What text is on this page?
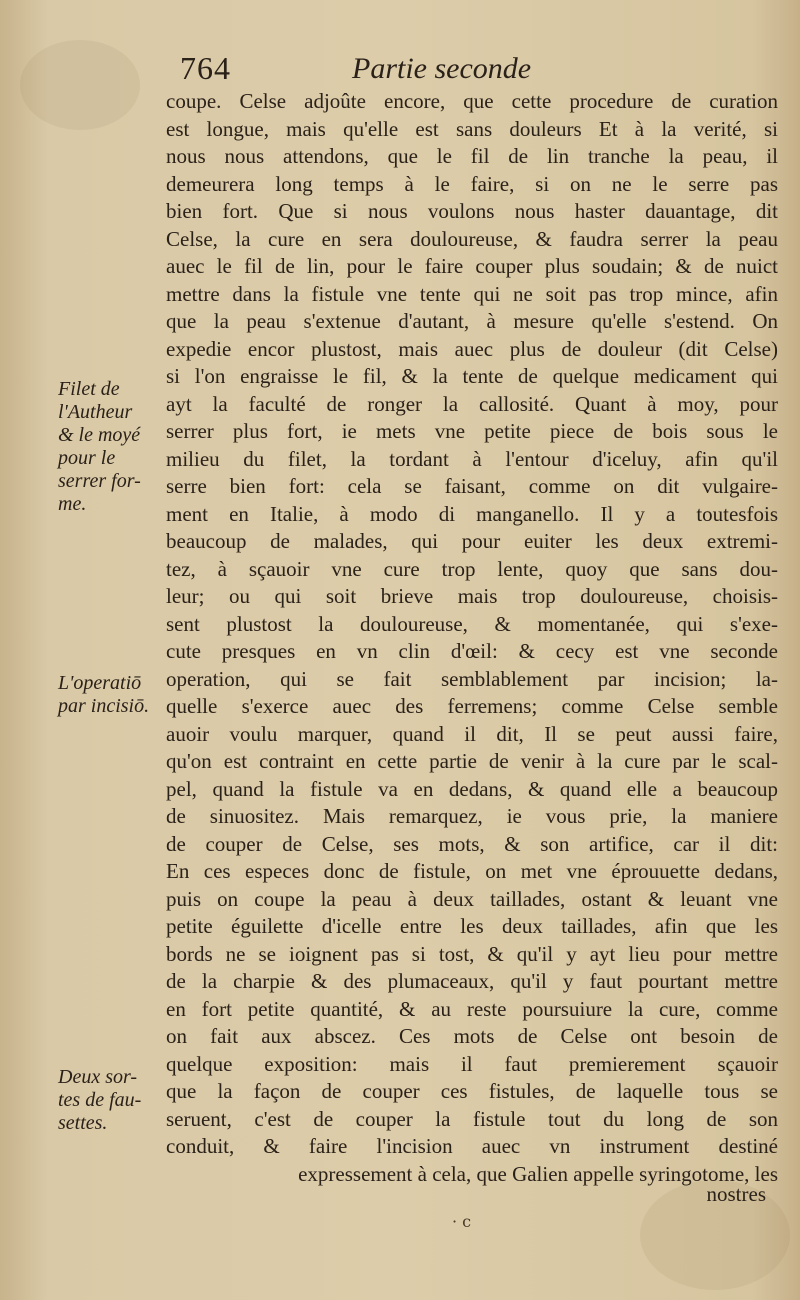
764	Partie seconde
coupe. Celse adjoûte encore, que cette procedure de curation
est longue, mais qu'elle est sans douleurs Et à la verité, si
nous nous attendons, que le fil de lin tranche la peau, il
demeurera long temps à le faire, si on ne le serre pas
bien fort. Que si nous voulons nous haster dauantage, dit
Celse, la cure en sera douloureuse, & faudra serrer la peau
auec le fil de lin, pour le faire couper plus soudain; & de nuict
mettre dans la fistule vne tente qui ne soit pas trop mince, afin
que la peau s'extenue d'autant, à mesure qu'elle s'estend. On
expedie encor plustost, mais auec plus de douleur (dit Celse)
si l'on engraisse le fil, & la tente de quelque medicament qui
ayt la faculté de ronger la callosité. Quant à moy, pour
serrer plus fort, ie mets vne petite piece de bois sous le
milieu du filet, la tordant à l'entour d'iceluy, afin qu'il
serre bien fort: cela se faisant, comme on dit vulgaire-
ment en Italie, à modo di manganello. Il y a toutesfois
beaucoup de malades, qui pour euiter les deux extremi-
tez, à sçauoir vne cure trop lente, quoy que sans dou-
leur; ou qui soit brieve mais trop douloureuse, choisis-
sent plustost la douloureuse, & momentanée, qui s'exe-
cute presques en vn clin d'œil: & cecy est vne seconde
operation, qui se fait semblablement par incision; la-
quelle s'exerce auec des ferremens; comme Celse semble
auoir voulu marquer, quand il dit, Il se peut aussi faire,
qu'on est contraint en cette partie de venir à la cure par le scal-
pel, quand la fistule va en dedans, & quand elle a beaucoup
de sinuositez. Mais remarquez, ie vous prie, la maniere
de couper de Celse, ses mots, & son artifice, car il dit:
En ces especes donc de fistule, on met vne éprouuette dedans,
puis on coupe la peau à deux taillades, ostant & leuant vne
petite éguilette d'icelle entre les deux taillades, afin que les
bords ne se ioignent pas si tost, & qu'il y ayt lieu pour mettre
de la charpie & des plumaceaux, qu'il y faut pourtant mettre
en fort petite quantité, & au reste poursuiure la cure, comme
on fait aux abscez. Ces mots de Celse ont besoin de
quelque exposition: mais il faut premierement sçauoir
que la façon de couper ces fistules, de laquelle tous se
seruent, c'est de couper la fistule tout du long de son
conduit, & faire l'incision auec vn instrument destiné
expressement à cela, que Galien appelle syringotome, les
nostres
Filet de
l'Autheur
& le moyé
pour le
serrer for-
me.
L'operatiō
par incisiō.
Deux sor-
tes de fau-
settes.
· c
